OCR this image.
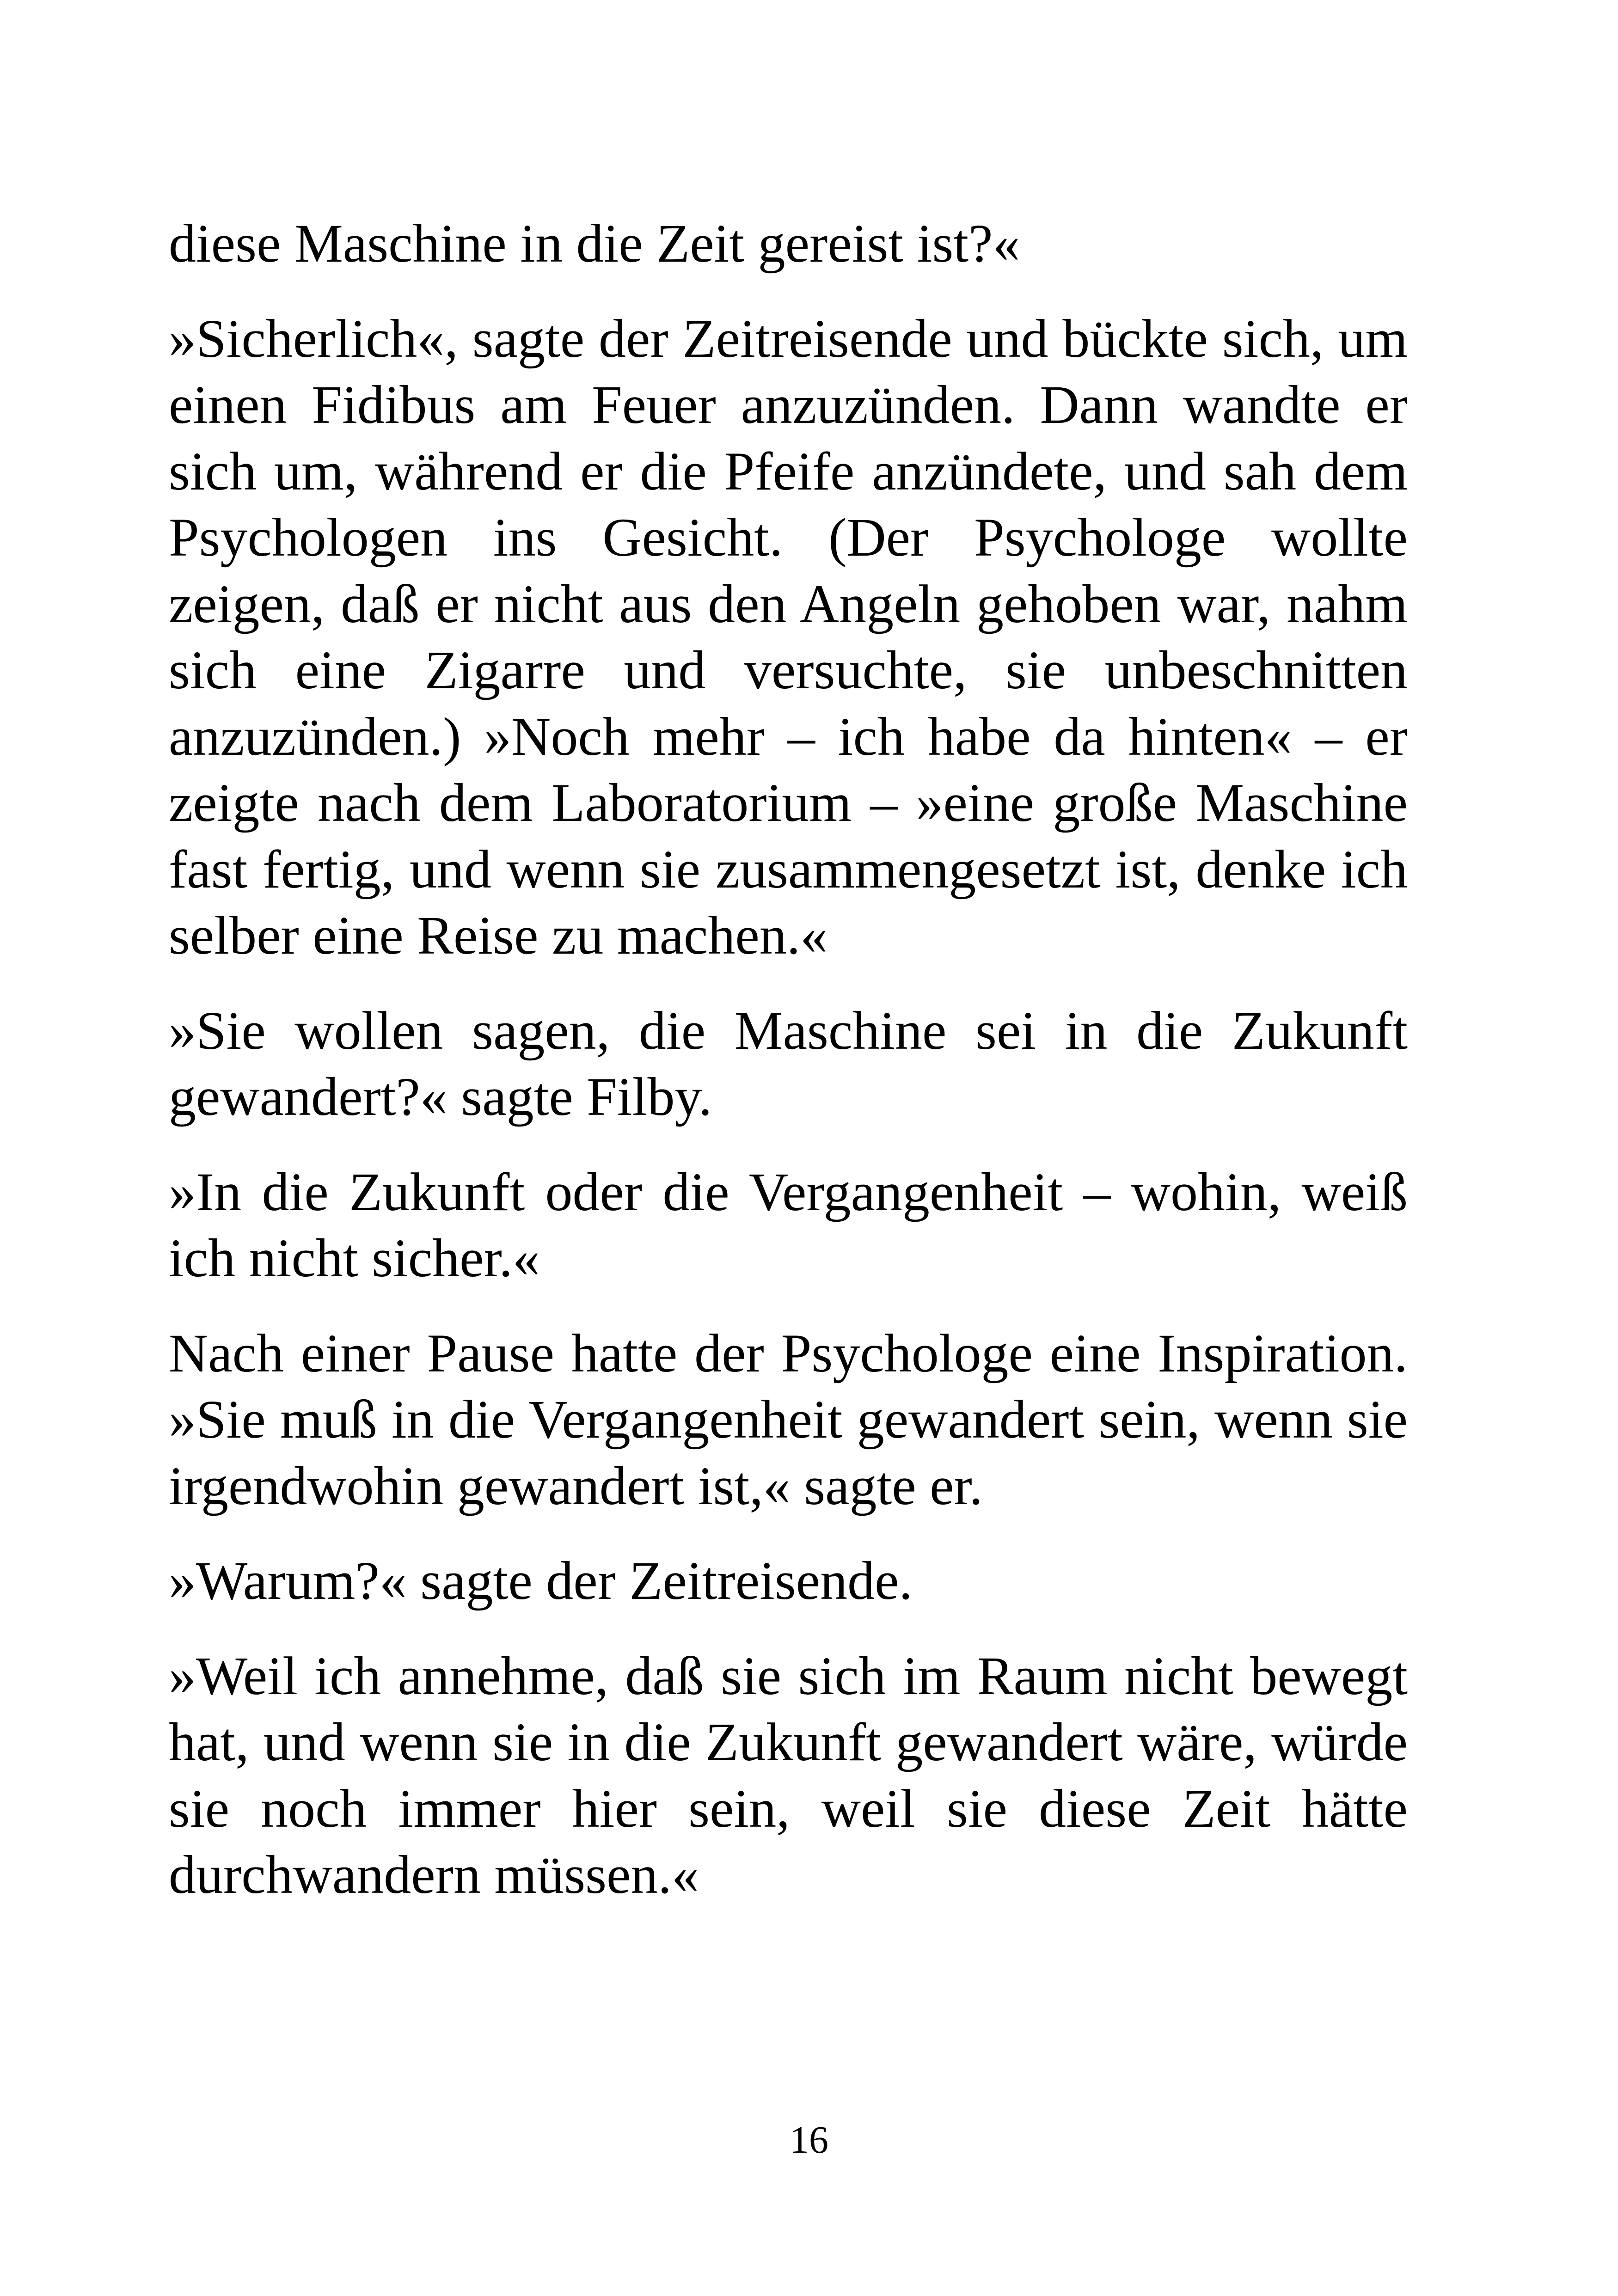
diese Maschine in die Zeit gereist ist?«

»Sicherlich«, sagte der Zeitreisende und bückte sich, um einen Fidibus am Feuer anzuzünden. Dann wandte er sich um, während er die Pfeife anzündete, und sah dem Psychologen ins Gesicht. (Der Psychologe wollte zeigen, daß er nicht aus den Angeln gehoben war, nahm sich eine Zigarre und versuchte, sie unbeschnitten anzuzünden.) »Noch mehr – ich habe da hinten« – er zeigte nach dem Laboratorium – »eine große Maschine fast fertig, und wenn sie zusammengesetzt ist, denke ich selber eine Reise zu machen.«

»Sie wollen sagen, die Maschine sei in die Zukunft gewandert?« sagte Filby.

»In die Zukunft oder die Vergangenheit – wohin, weiß ich nicht sicher.«

Nach einer Pause hatte der Psychologe eine Inspiration. »Sie muß in die Vergangenheit gewandert sein, wenn sie irgendwohin gewandert ist,« sagte er.

»Warum?« sagte der Zeitreisende.

»Weil ich annehme, daß sie sich im Raum nicht bewegt hat, und wenn sie in die Zukunft gewandert wäre, würde sie noch immer hier sein, weil sie diese Zeit hätte durchwandern müssen.«

16
